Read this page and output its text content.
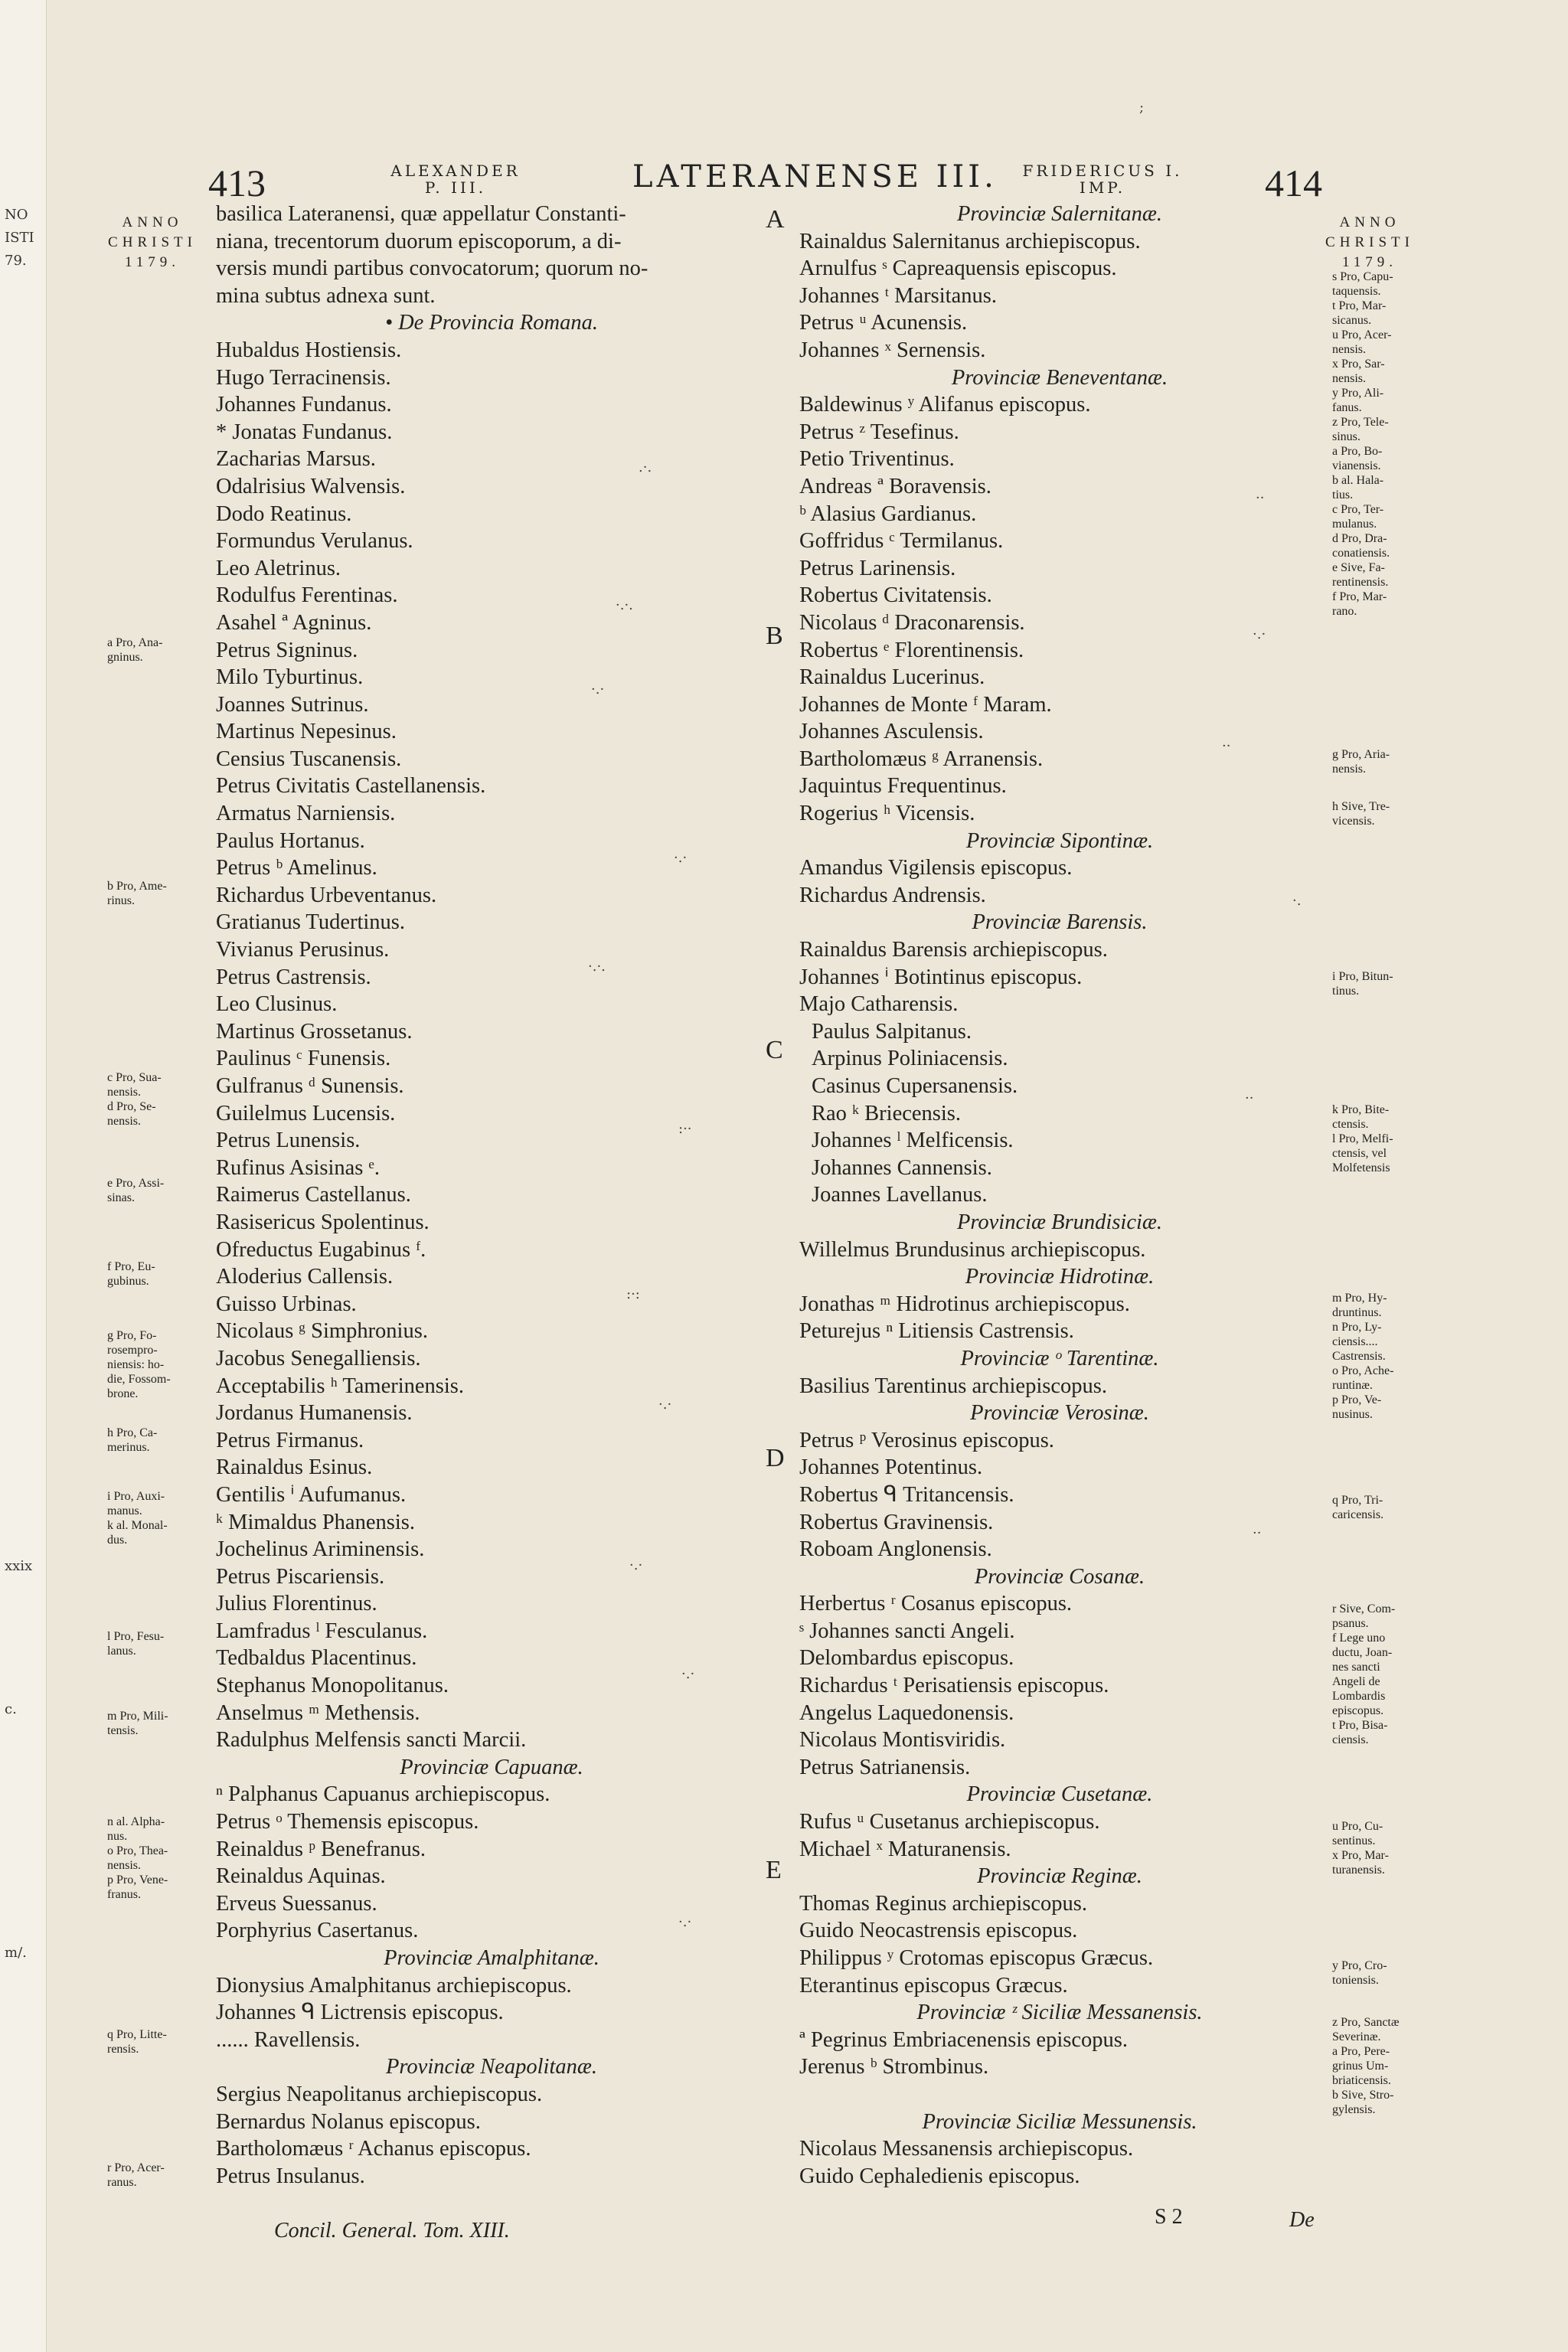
NO
ISTI
79.
xxix
c.
m/.
;
413	ALEXANDER
P. III.	LATERANENSE III. FRIDERICUS I.
IMP.	414
ANNO
CHRISTI
1179.
ANNO
CHRISTI
1179.
basilica Lateranensi, quæ appellatur Constanti-
niana, trecentorum duorum episcoporum, a di-
versis mundi partibus convocatorum; quorum no-
mina subtus adnexa sunt.
• De Provincia Romana.
Hubaldus Hostiensis.
Hugo Terracinensis.
Johannes Fundanus.
* Jonatas Fundanus.
Zacharias Marsus.
Odalrisius Walvensis.
Dodo Reatinus.
Formundus Verulanus.
Leo Aletrinus.
Rodulfus Ferentinas.
Asahel ª Agninus.
Petrus Signinus.
Milo Tyburtinus.
Joannes Sutrinus.
Martinus Nepesinus.
Censius Tuscanensis.
Petrus Civitatis Castellanensis.
Armatus Narniensis.
Paulus Hortanus.
Petrus ᵇ Amelinus.
Richardus Urbeventanus.
Gratianus Tudertinus.
Vivianus Perusinus.
Petrus Castrensis.
Leo Clusinus.
Martinus Grossetanus.
Paulinus ᶜ Funensis.
Gulfranus ᵈ Sunensis.
Guilelmus Lucensis.
Petrus Lunensis.
Rufinus Asisinas ᵉ.
Raimerus Castellanus.
Rasisericus Spolentinus.
Ofreductus Eugabinus ᶠ.
Aloderius Callensis.
Guisso Urbinas.
Nicolaus ᵍ Simphronius.
Jacobus Senegalliensis.
Acceptabilis ʰ Tamerinensis.
Jordanus Humanensis.
Petrus Firmanus.
Rainaldus Esinus.
Gentilis ⁱ Aufumanus.
ᵏ Mimaldus Phanensis.
Jochelinus Ariminensis.
Petrus Piscariensis.
Julius Florentinus.
Lamfradus ˡ Fesculanus.
Tedbaldus Placentinus.
Stephanus Monopolitanus.
Anselmus ᵐ Methensis.
Radulphus Melfensis sancti Marcii.
Provinciæ Capuanæ.
ⁿ Palphanus Capuanus archiepiscopus.
Petrus ᵒ Themensis episcopus.
Reinaldus ᵖ Benefranus.
Reinaldus Aquinas.
Erveus Suessanus.
Porphyrius Casertanus.
Provinciæ Amalphitanæ.
Dionysius Amalphitanus archiepiscopus.
Johannes ᑫ Lictrensis episcopus.
...... Ravellensis.
Provinciæ Neapolitanæ.
Sergius Neapolitanus archiepiscopus.
Bernardus Nolanus episcopus.
Bartholomæus ʳ Achanus episcopus.
Petrus Insulanus.
Provinciæ Salernitanæ.
Rainaldus Salernitanus archiepiscopus.
Arnulfus ˢ Capreaquensis episcopus.
Johannes ᵗ Marsitanus.
Petrus ᵘ Acunensis.
Johannes ˣ Sernensis.
Provinciæ Beneventanæ.
Baldewinus ʸ Alifanus episcopus.
Petrus ᶻ Tesefinus.
Petio Triventinus.
Andreas ª Boravensis.
ᵇ Alasius Gardianus.
Goffridus ᶜ Termilanus.
Petrus Larinensis.
Robertus Civitatensis.
Nicolaus ᵈ Draconarensis.
Robertus ᵉ Florentinensis.
Rainaldus Lucerinus.
Johannes de Monte ᶠ Maram.
Johannes Asculensis.
Bartholomæus ᵍ Arranensis.
Jaquintus Frequentinus.
Rogerius ʰ Vicensis.
Provinciæ Sipontinæ.
Amandus Vigilensis episcopus.
Richardus Andrensis.
Provinciæ Barensis.
Rainaldus Barensis archiepiscopus.
Johannes ⁱ Botintinus episcopus.
Majo Catharensis.
Paulus Salpitanus.
Arpinus Poliniacensis.
Casinus Cupersanensis.
Rao ᵏ Briecensis.
Johannes ˡ Melficensis.
Johannes Cannensis.
Joannes Lavellanus.
Provinciæ Brundisiciæ.
Willelmus Brundusinus archiepiscopus.
Provinciæ Hidrotinæ.
Jonathas ᵐ Hidrotinus archiepiscopus.
Peturejus ⁿ Litiensis Castrensis.
Provinciæ ᵒ Tarentinæ.
Basilius Tarentinus archiepiscopus.
Provinciæ Verosinæ.
Petrus ᵖ Verosinus episcopus.
Johannes Potentinus.
Robertus ᑫ Tritancensis.
Robertus Gravinensis.
Roboam Anglonensis.
Provinciæ Cosanæ.
Herbertus ʳ Cosanus episcopus.
ˢ Johannes sancti Angeli.
Delombardus episcopus.
Richardus ᵗ Perisatiensis episcopus.
Angelus Laquedonensis.
Nicolaus Montisviridis.
Petrus Satrianensis.
Provinciæ Cusetanæ.
Rufus ᵘ Cusetanus archiepiscopus.
Michael ˣ Maturanensis.
Provinciæ Reginæ.
Thomas Reginus archiepiscopus.
Guido Neocastrensis episcopus.
Philippus ʸ Crotomas episcopus Græcus.
Eterantinus episcopus Græcus.
Provinciæ ᶻ Siciliæ Messanensis.
ª Pegrinus Embriacenensis episcopus.
Jerenus ᵇ Strombinus.
Provinciæ Siciliæ Messunensis.
Nicolaus Messanensis archiepiscopus.
Guido Cephaledienis episcopus.
A
B
C
D
E
a Pro, Ana-
gninus.
b Pro, Ame-
rinus.
c Pro, Sua-
nensis.
d Pro, Se-
nensis.
e Pro, Assi-
sinas.
f Pro, Eu-
gubinus.
g Pro, Fo-
rosempro-
niensis: ho-
die, Fossom-
brone.
h Pro, Ca-
merinus.
i Pro, Auxi-
manus.
k al. Monal-
dus.
l Pro, Fesu-
lanus.
m Pro, Mili-
tensis.
n al. Alpha-
nus.
o Pro, Thea-
nensis.
p Pro, Vene-
franus.
q Pro, Litte-
rensis.
r Pro, Acer-
ranus.
s Pro, Capu-
taquensis.
t Pro, Mar-
sicanus.
u Pro, Acer-
nensis.
x Pro, Sar-
nensis.
y Pro, Ali-
fanus.
z Pro, Tele-
sinus.
a Pro, Bo-
vianensis.
b al. Hala-
tius.
c Pro, Ter-
mulanus.
d Pro, Dra-
conatiensis.
e Sive, Fa-
rentinensis.
f Pro, Mar-
rano.
g Pro, Aria-
nensis.
h Sive, Tre-
vicensis.
i Pro, Bitun-
tinus.
k Pro, Bite-
ctensis.
l Pro, Melfi-
ctensis, vel
Molfetensis
m Pro, Hy-
druntinus.
n Pro, Ly-
ciensis....
Castrensis.
o Pro, Ache-
runtinæ.
p Pro, Ve-
nusinus.
q Pro, Tri-
caricensis.
r Sive, Com-
psanus.
f Lege uno
ductu, Joan-
nes sancti
Angeli de
Lombardis
episcopus.
t Pro, Bisa-
ciensis.
u Pro, Cu-
sentinus.
x Pro, Mar-
turanensis.
y Pro, Cro-
toniensis.
z Pro, Sanctæ
Severinæ.
a Pro, Pere-
grinus Um-
briaticensis.
b Sive, Stro-
gylensis.
.·.
·.·.
·.·
·.·
·.·.
:··
:·:
·.·
·.·
·.·
·.·
··
·.·
··
·.
··
··
Concil. General. Tom. XIII.
S 2	De
